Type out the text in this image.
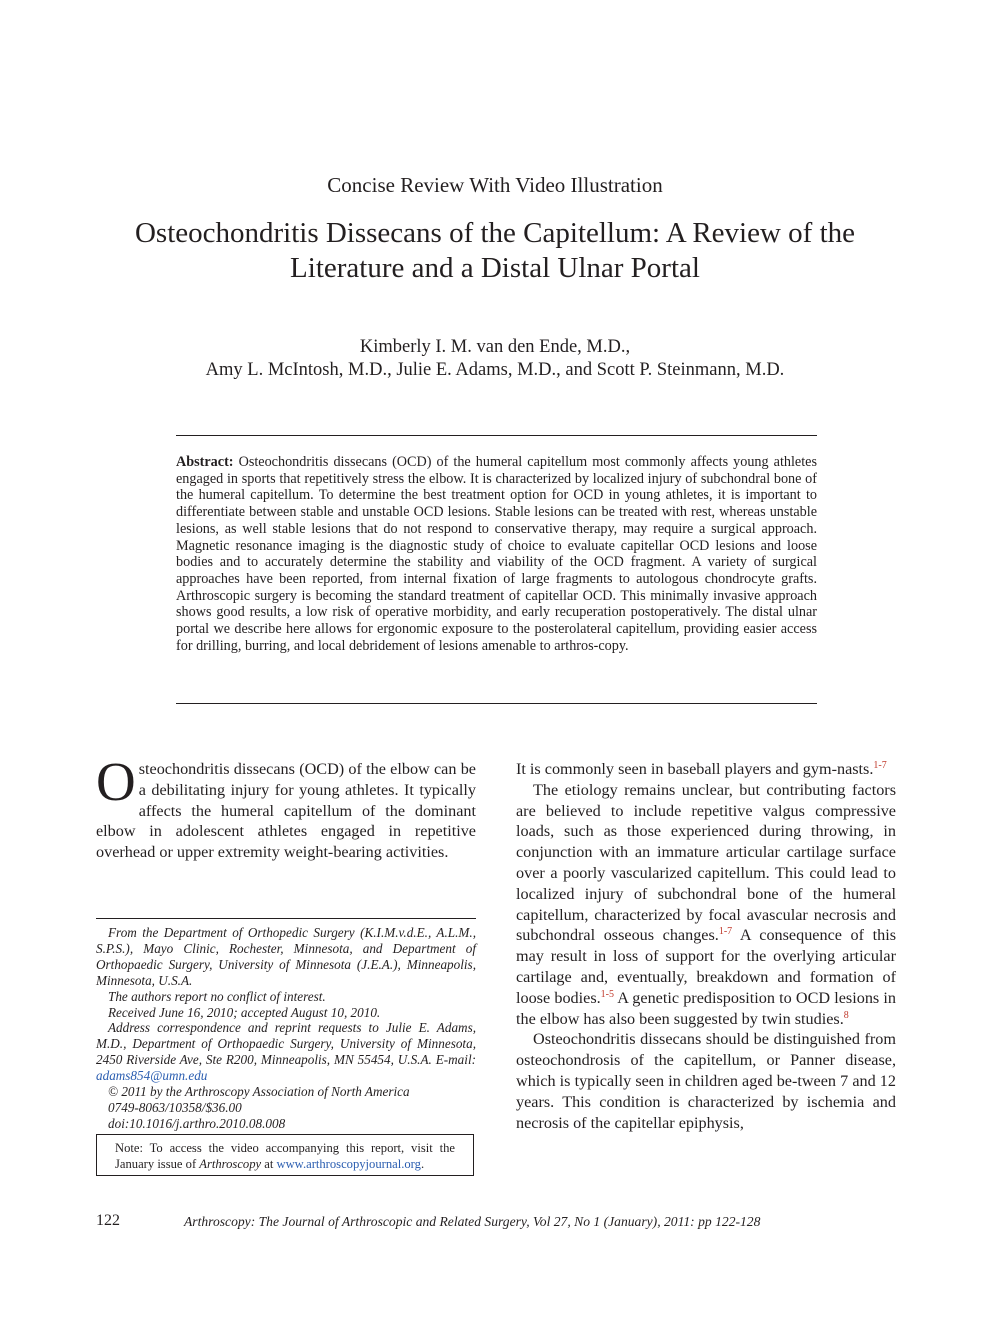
Concise Review With Video Illustration
Osteochondritis Dissecans of the Capitellum: A Review of the
Literature and a Distal Ulnar Portal
Kimberly I. M. van den Ende, M.D.,
Amy L. McIntosh, M.D., Julie E. Adams, M.D., and Scott P. Steinmann, M.D.
Abstract: Osteochondritis dissecans (OCD) of the humeral capitellum most commonly affects young athletes engaged in sports that repetitively stress the elbow. It is characterized by localized injury of subchondral bone of the humeral capitellum. To determine the best treatment option for OCD in young athletes, it is important to differentiate between stable and unstable OCD lesions. Stable lesions can be treated with rest, whereas unstable lesions, as well stable lesions that do not respond to conservative therapy, may require a surgical approach. Magnetic resonance imaging is the diagnostic study of choice to evaluate capitellar OCD lesions and loose bodies and to accurately determine the stability and viability of the OCD fragment. A variety of surgical approaches have been reported, from internal fixation of large fragments to autologous chondrocyte grafts. Arthroscopic surgery is becoming the standard treatment of capitellar OCD. This minimally invasive approach shows good results, a low risk of operative morbidity, and early recuperation postoperatively. The distal ulnar portal we describe here allows for ergonomic exposure to the posterolateral capitellum, providing easier access for drilling, burring, and local debridement of lesions amenable to arthros-copy.
Osteochondritis dissecans (OCD) of the elbow can be a debilitating injury for young athletes. It typically affects the humeral capitellum of the dominant elbow in adolescent athletes engaged in repetitive overhead or upper extremity weight-bearing activities.

From the Department of Orthopedic Surgery (K.I.M.v.d.E., A.L.M., S.P.S.), Mayo Clinic, Rochester, Minnesota, and Department of Orthopaedic Surgery, University of Minnesota (J.E.A.), Minneapolis, Minnesota, U.S.A.

The authors report no conflict of interest.

Received June 16, 2010; accepted August 10, 2010.

Address correspondence and reprint requests to Julie E. Adams, M.D., Department of Orthopaedic Surgery, University of Minnesota, 2450 Riverside Ave, Ste R200, Minneapolis, MN 55454, U.S.A. E-mail: adams854@umn.edu

© 2011 by the Arthroscopy Association of North America

0749-8063/10358/$36.00

doi:10.1016/j.arthro.2010.08.008

Note: To access the video accompanying this report, visit the January issue of Arthroscopy at www.arthroscopyjournal.org.

It is commonly seen in baseball players and gym-nasts.$^{1-7}$

The etiology remains unclear, but contributing factors are believed to include repetitive valgus compressive loads, such as those experienced during throwing, in conjunction with an immature articular cartilage surface over a poorly vascularized capitellum. This could lead to localized injury of subchondral bone of the humeral capitellum, characterized by focal avascular necrosis and subchondral osseous changes.$^{1-7}$ A consequence of this may result in loss of support for the overlying articular cartilage and, eventually, breakdown and formation of loose bodies.$^{1-5}$ A genetic predisposition to OCD lesions in the elbow has also been suggested by twin studies.$^8$

Osteochondritis dissecans should be distinguished from osteochondrosis of the capitellum, or Panner disease, which is typically seen in children aged be-tween 7 and 12 years. This condition is characterized by ischemia and necrosis of the capitellar epiphysis,

122	Arthroscopy: The Journal of Arthroscopic and Related Surgery, Vol 27, No 1 (January), 2011: pp 122-128
